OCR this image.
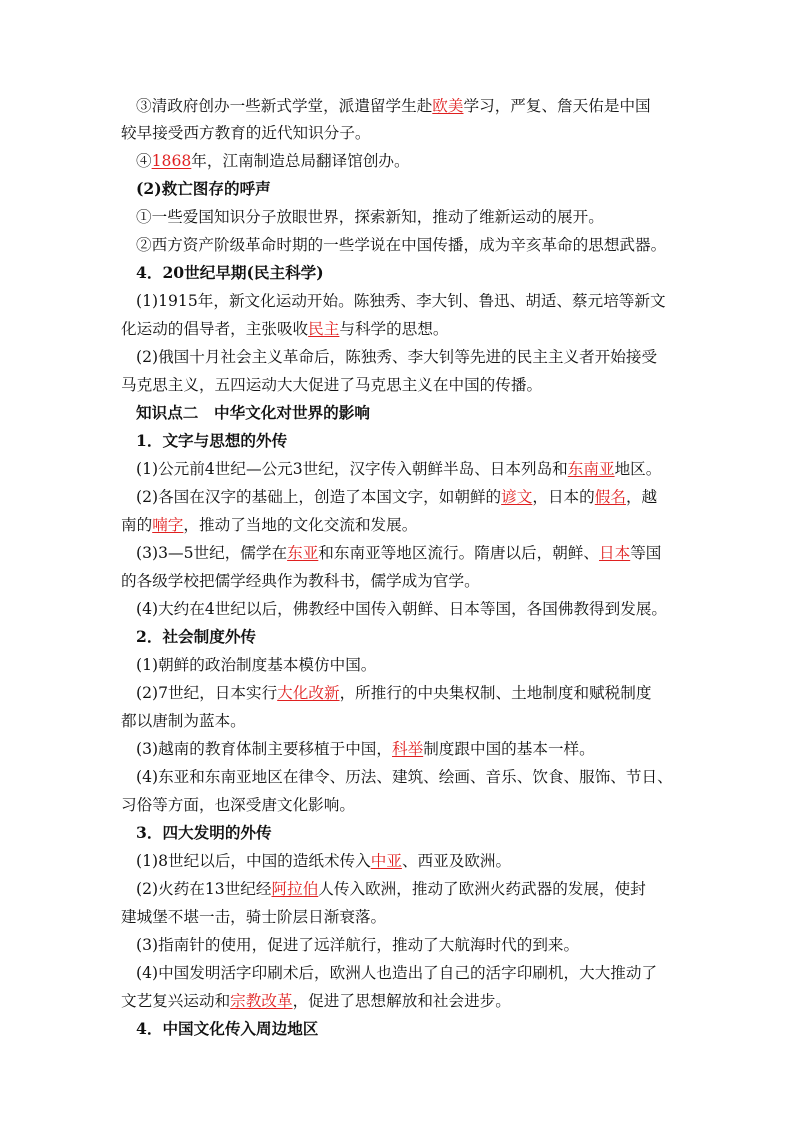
③清政府创办一些新式学堂，派遣留学生赴欧美学习，严复、詹天佑是中国
较早接受西方教育的近代知识分子。
④1868年，江南制造总局翻译馆创办。
(2)救亡图存的呼声
①一些爱国知识分子放眼世界，探索新知，推动了维新运动的展开。
②西方资产阶级革命时期的一些学说在中国传播，成为辛亥革命的思想武器。
4．20世纪早期(民主科学)
(1)1915年，新文化运动开始。陈独秀、李大钊、鲁迅、胡适、蔡元培等新文
化运动的倡导者，主张吸收民主与科学的思想。
(2)俄国十月社会主义革命后，陈独秀、李大钊等先进的民主主义者开始接受
马克思主义，五四运动大大促进了马克思主义在中国的传播。
知识点二　中华文化对世界的影响
1．文字与思想的外传
(1)公元前4世纪—公元3世纪，汉字传入朝鲜半岛、日本列岛和东南亚地区。
(2)各国在汉字的基础上，创造了本国文字，如朝鲜的谚文，日本的假名，越
南的喃字，推动了当地的文化交流和发展。
(3)3—5世纪，儒学在东亚和东南亚等地区流行。隋唐以后，朝鲜、日本等国
的各级学校把儒学经典作为教科书，儒学成为官学。
(4)大约在4世纪以后，佛教经中国传入朝鲜、日本等国，各国佛教得到发展。
2．社会制度外传
(1)朝鲜的政治制度基本模仿中国。
(2)7世纪，日本实行大化改新，所推行的中央集权制、土地制度和赋税制度
都以唐制为蓝本。
(3)越南的教育体制主要移植于中国，科举制度跟中国的基本一样。
(4)东亚和东南亚地区在律令、历法、建筑、绘画、音乐、饮食、服饰、节日、
习俗等方面，也深受唐文化影响。
3．四大发明的外传
(1)8世纪以后，中国的造纸术传入中亚、西亚及欧洲。
(2)火药在13世纪经阿拉伯人传入欧洲，推动了欧洲火药武器的发展，使封
建城堡不堪一击，骑士阶层日渐衰落。
(3)指南针的使用，促进了远洋航行，推动了大航海时代的到来。
(4)中国发明活字印刷术后，欧洲人也造出了自己的活字印刷机，大大推动了
文艺复兴运动和宗教改革，促进了思想解放和社会进步。
4．中国文化传入周边地区
